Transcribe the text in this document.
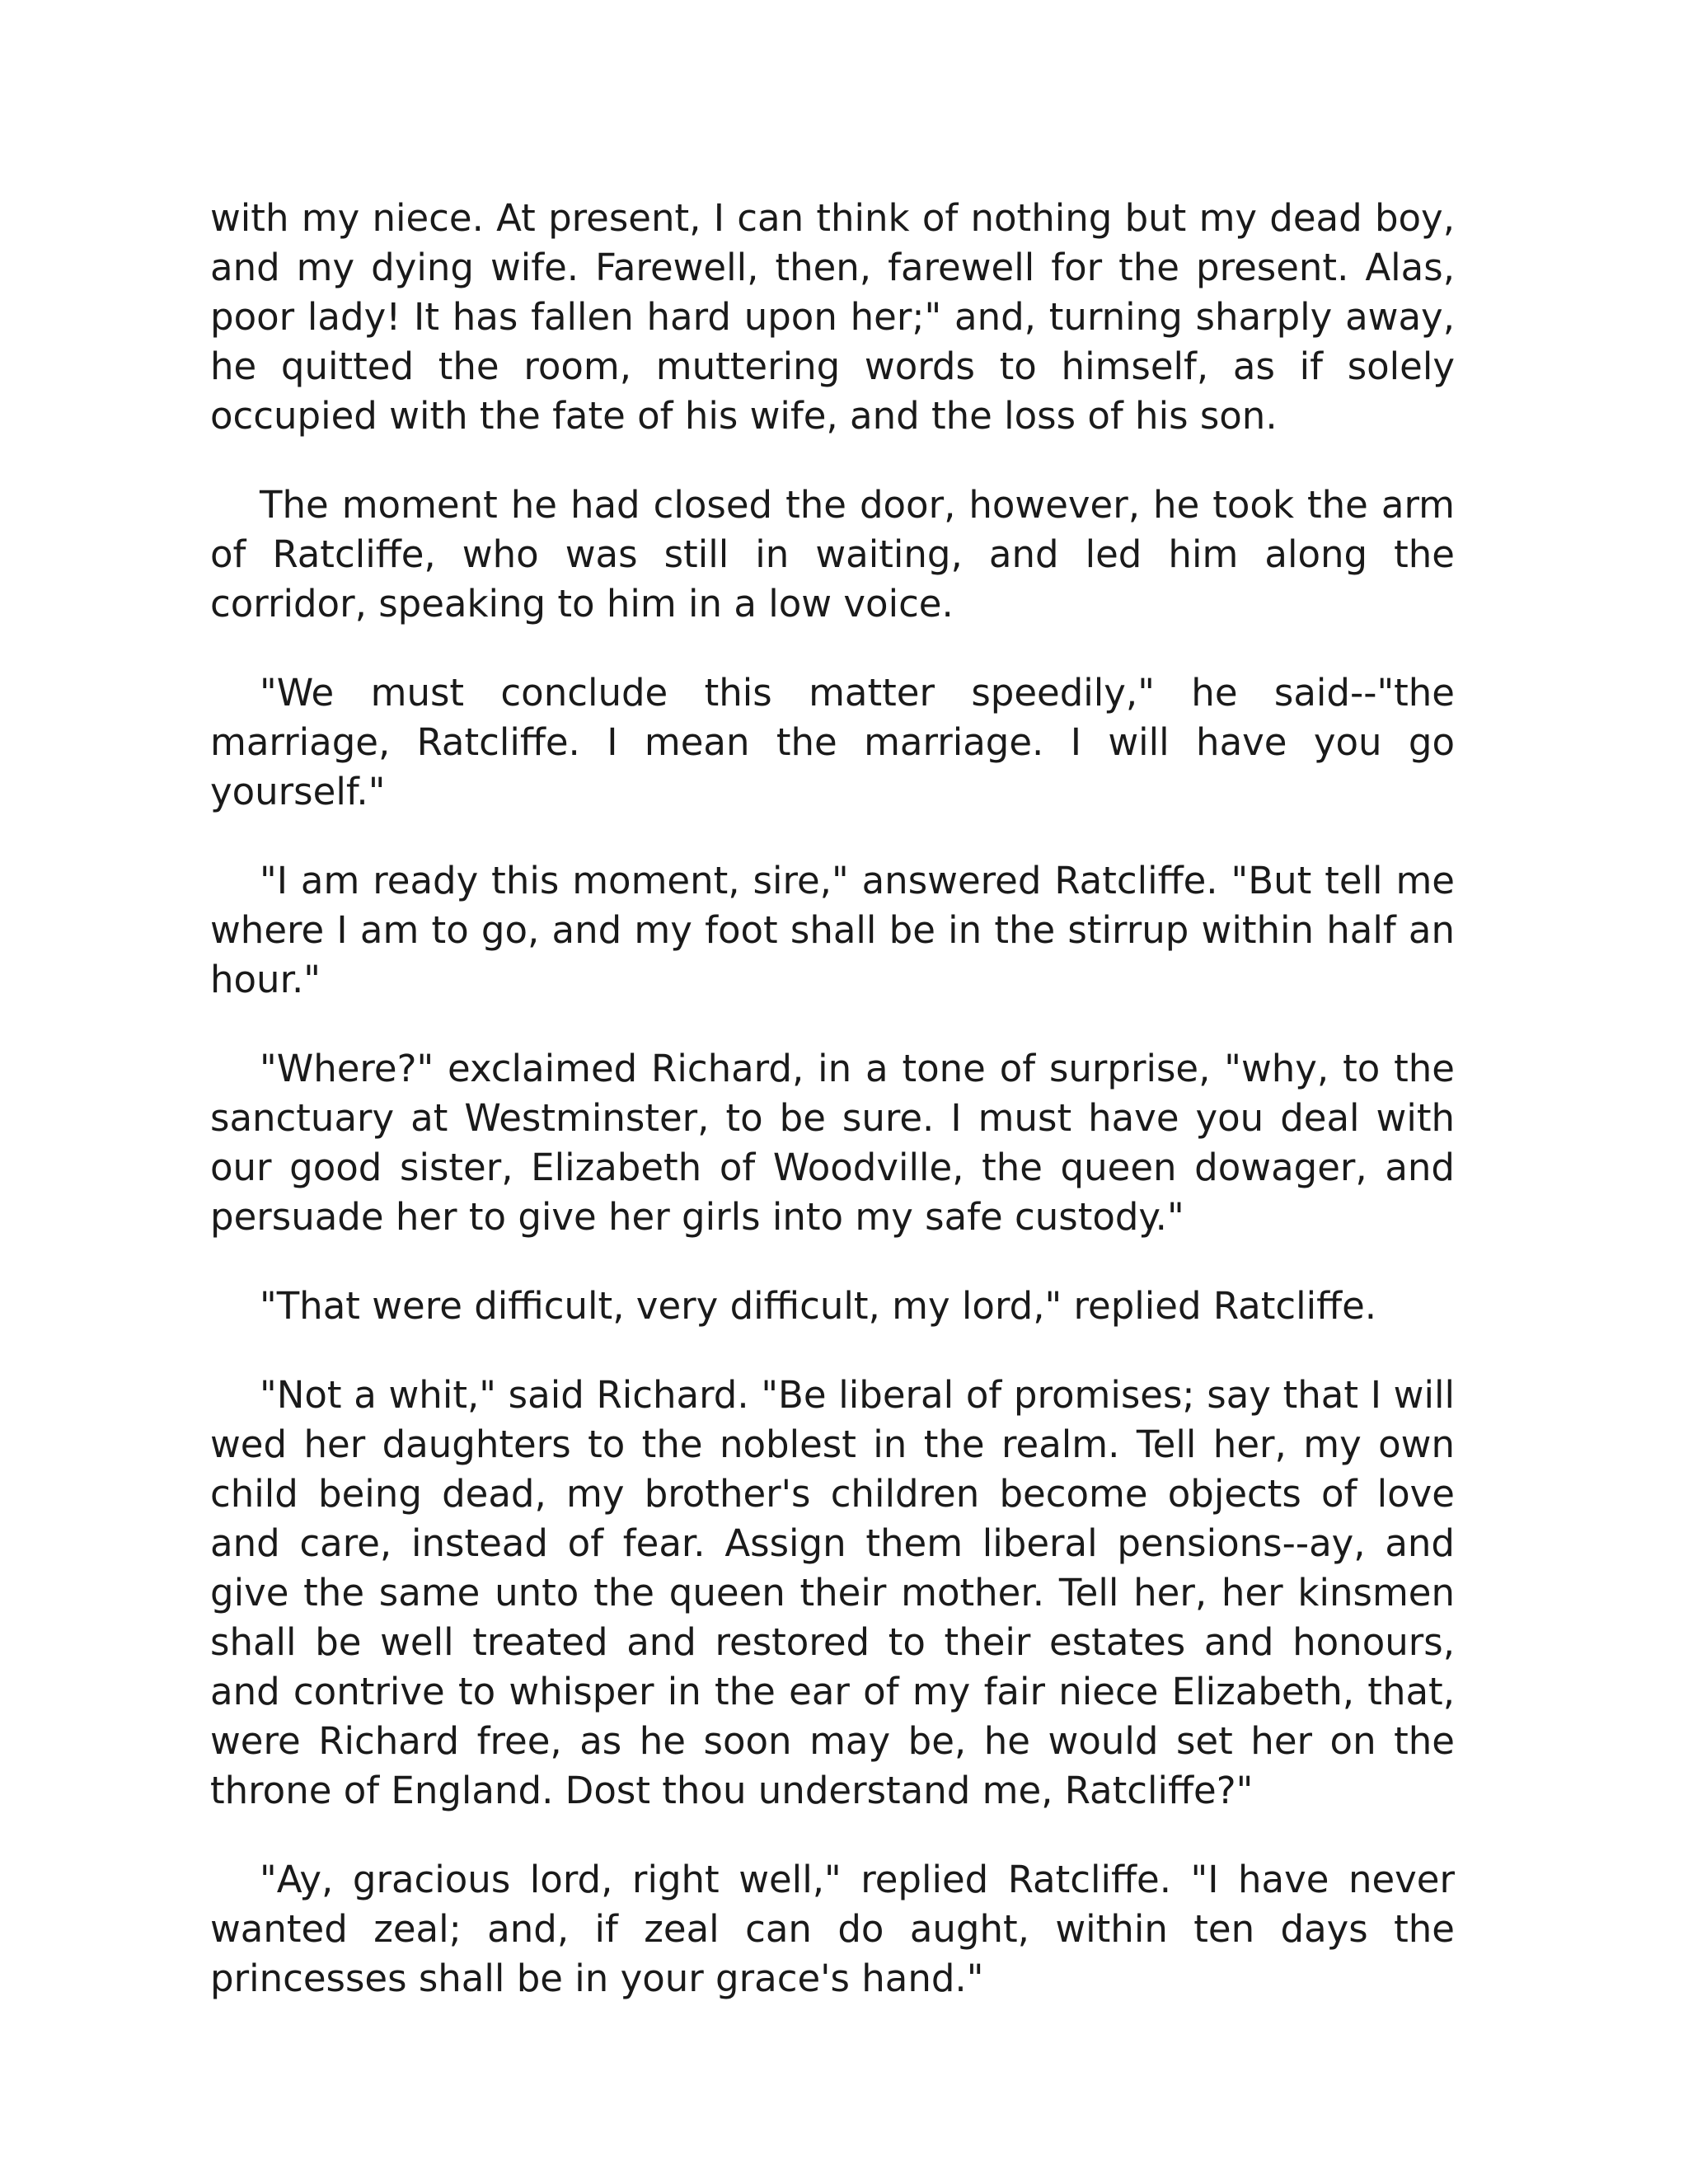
with my niece. At present, I can think of nothing but my dead boy, and my dying wife. Farewell, then, farewell for the present. Alas, poor lady! It has fallen hard upon her;" and, turning sharply away, he quitted the room, muttering words to himself, as if solely occupied with the fate of his wife, and the loss of his son.

The moment he had closed the door, however, he took the arm of Ratcliffe, who was still in waiting, and led him along the corridor, speaking to him in a low voice.

"We must conclude this matter speedily," he said--"the marriage, Ratcliffe. I mean the marriage. I will have you go yourself."

"I am ready this moment, sire," answered Ratcliffe. "But tell me where I am to go, and my foot shall be in the stirrup within half an hour."

"Where?" exclaimed Richard, in a tone of surprise, "why, to the sanctuary at Westminster, to be sure. I must have you deal with our good sister, Elizabeth of Woodville, the queen dowager, and persuade her to give her girls into my safe custody."

"That were difficult, very difficult, my lord," replied Ratcliffe.

"Not a whit," said Richard. "Be liberal of promises; say that I will wed her daughters to the noblest in the realm. Tell her, my own child being dead, my brother's children become objects of love and care, instead of fear. Assign them liberal pensions--ay, and give the same unto the queen their mother. Tell her, her kinsmen shall be well treated and restored to their estates and honours, and contrive to whisper in the ear of my fair niece Elizabeth, that, were Richard free, as he soon may be, he would set her on the throne of England. Dost thou understand me, Ratcliffe?"

"Ay, gracious lord, right well," replied Ratcliffe. "I have never wanted zeal; and, if zeal can do aught, within ten days the princesses shall be in your grace's hand."
